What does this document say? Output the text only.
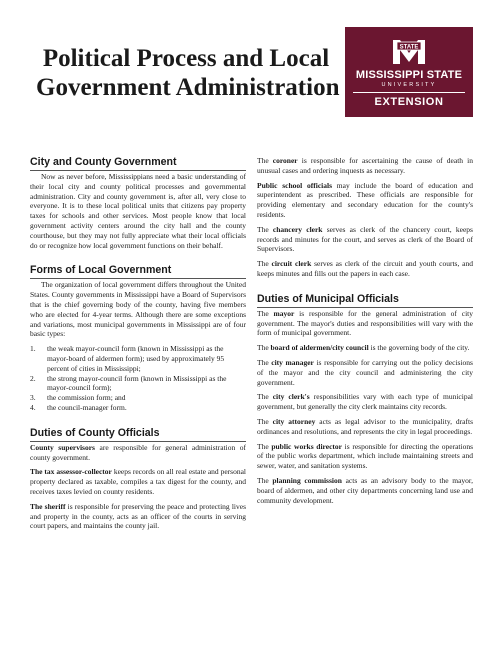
Political Process and Local
Government Administration
STATE
MISSISSIPPI STATE
UNIVERSITY
EXTENSION
City and County Government

Now as never before, Mississippians need a basic understanding of their local city and county political processes and governmental administration. City and county government is, after all, very close to everyone. It is to these local political units that citizens pay property taxes for schools and other services. Most people know that local government activity centers around the city hall and the county courthouse, but they may not fully appreciate what their local officials do or recognize how local government functions on their behalf.

Forms of Local Government

The organization of local government differs throughout the United States. County governments in Mississippi have a Board of Supervisors that is the chief governing body of the county, having five members who are elected for 4-year terms. Although there are some exceptions and variations, most municipal governments in Mississippi are of four basic types:

1. the weak mayor-council form (known in Mississippi as the mayor-board of aldermen form); used by approximately 95 percent of cities in Mississippi;
2. the strong mayor-council form (known in Mississippi as the mayor-council form);
3. the commission form; and
4. the council-manager form.
Duties of County Officials

County supervisors are responsible for general administration of county government.

The tax assessor-collector keeps records on all real estate and personal property declared as taxable, compiles a tax digest for the county, and receives taxes levied on county residents.

The sheriff is responsible for preserving the peace and protecting lives and property in the county, acts as an officer of the courts in serving court papers, and maintains the county jail.

The coroner is responsible for ascertaining the cause of death in unusual cases and ordering inquests as necessary.

Public school officials may include the board of education and superintendent as prescribed. These officials are responsible for providing elementary and secondary education for the county's residents.

The chancery clerk serves as clerk of the chancery court, keeps records and minutes for the court, and serves as clerk of the Board of Supervisors.

The circuit clerk serves as clerk of the circuit and youth courts, and keeps minutes and fills out the papers in each case.

Duties of Municipal Officials

The mayor is responsible for the general administration of city government. The mayor's duties and responsibilities will vary with the form of municipal government.

The board of aldermen/city council is the governing body of the city.

The city manager is responsible for carrying out the policy decisions of the mayor and the city council and administering the city government.

The city clerk's responsibilities vary with each type of municipal government, but generally the city clerk maintains city records.

The city attorney acts as legal advisor to the municipality, drafts ordinances and resolutions, and represents the city in legal proceedings.

The public works director is responsible for directing the operations of the public works department, which include maintaining streets and sewer, water, and sanitation systems.

The planning commission acts as an advisory body to the mayor, board of aldermen, and other city departments concerning land use and community development.
